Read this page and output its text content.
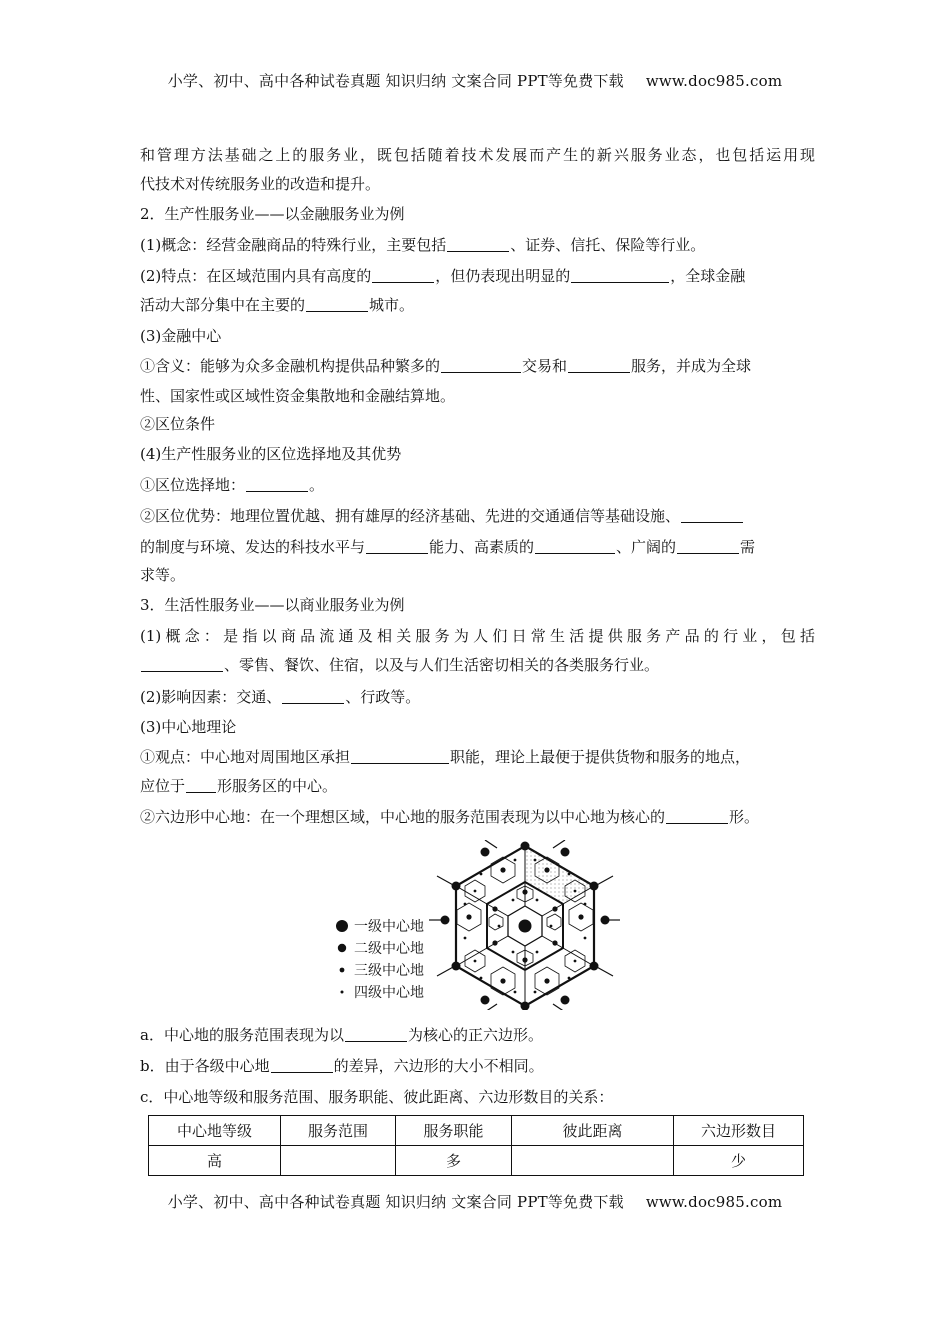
小学、初中、高中各种试卷真题 知识归纳 文案合同 PPT等免费下载 www.doc985.com
和管理方法基础之上的服务业，既包括随着技术发展而产生的新兴服务业态，也包括运用现
代技术对传统服务业的改造和提升。
2．生产性服务业——以金融服务业为例
(1)概念：经营金融商品的特殊行业，主要包括	、证券、信托、保险等行业。
(2)特点：在区域范围内具有高度的	，但仍表现出明显的	，全球金融
活动大部分集中在主要的	城市。
(3)金融中心
①含义：能够为众多金融机构提供品种繁多的	交易和	服务，并成为全球
性、国家性或区域性资金集散地和金融结算地。
②区位条件
(4)生产性服务业的区位选择地及其优势
①区位选择地：	。
②区位优势：地理位置优越、拥有雄厚的经济基础、先进的交通通信等基础设施、
的制度与环境、发达的科技水平与	能力、高素质的	、广阔的	需
求等。
3．生活性服务业——以商业服务业为例
(1)概念：是指以商品流通及相关服务为人们日常生活提供服务产品的行业，包括
、零售、餐饮、住宿，以及与人们生活密切相关的各类服务行业。
(2)影响因素：交通、	、行政等。
(3)中心地理论
①观点：中心地对周围地区承担	职能，理论上最便于提供货物和服务的地点，
应位于 形服务区的中心。
②六边形中心地：在一个理想区域，中心地的服务范围表现为以中心地为核心的	形。
一级中心地
二级中心地
三级中心地
四级中心地
a．中心地的服务范围表现为以	为核心的正六边形。
b．由于各级中心地	的差异，六边形的大小不相同。
c．中心地等级和服务范围、服务职能、彼此距离、六边形数目的关系：
中心地等级	服务范围	服务职能	彼此距离	六边形数目
高		多		少
小学、初中、高中各种试卷真题 知识归纳 文案合同 PPT等免费下载 www.doc985.com
